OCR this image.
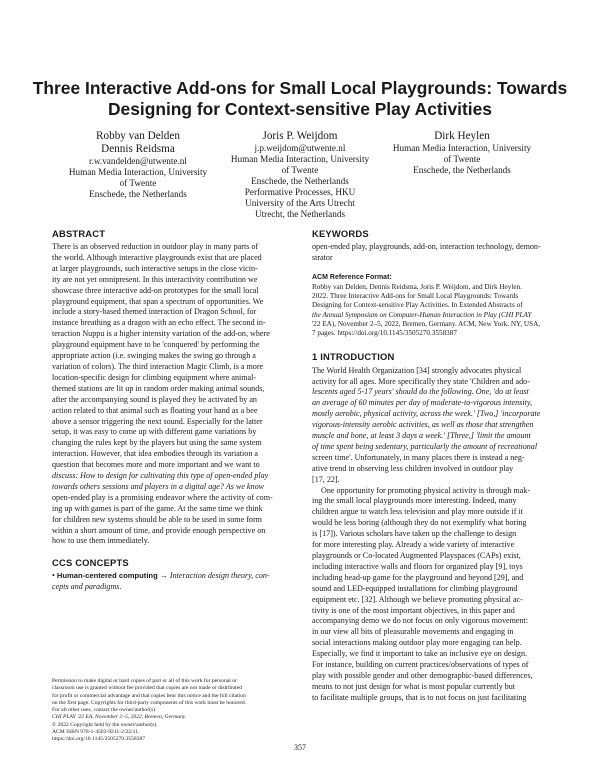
Three Interactive Add-ons for Small Local Playgrounds: Towards
Designing for Context-sensitive Play Activities
Robby van Delden
Dennis Reidsma
r.w.vandelden@utwente.nl
Human Media Interaction, University
of Twente
Enschede, the Netherlands
Joris P. Weijdom
j.p.weijdom@utwente.nl
Human Media Interaction, University
of Twente
Enschede, the Netherlands
Performative Processes, HKU
University of the Arts Utrecht
Utrecht, the Netherlands
Dirk Heylen
Human Media Interaction, University
of Twente
Enschede, the Netherlands
ABSTRACT
There is an observed reduction in outdoor play in many parts of
the world. Although interactive playgrounds exist that are placed
at larger playgrounds, such interactive setups in the close vicin-
ity are not yet omnipresent. In this interactivity contribution we
showcase three interactive add-on prototypes for the small local
playground equipment, that span a spectrum of opportunities. We
include a story-based themed interaction of Dragon School, for
instance breathing as a dragon with an echo effect. The second in-
teraction Nuppu is a higher intensity variation of the add-on, where
playground equipment have to be 'conquered' by performing the
appropriate action (i.e. swinging makes the swing go through a
variation of colors). The third interaction Magic Climb, is a more
location-specific design for climbing equipment where animal-
themed stations are lit up in random order making animal sounds,
after the accompanying sound is played they be activated by an
action related to that animal such as floating your hand as a bee
above a sensor triggering the next sound. Especially for the latter
setup, it was easy to come up with different game variations by
changing the rules kept by the players but using the same system
interaction. However, that idea embodies through its variation a
question that becomes more and more important and we want to
discuss: How to design for cultivating this type of open-ended play
towards others sessions and players in a digital age? As we know
open-ended play is a promising endeavor where the activity of com-
ing up with games is part of the game. At the same time we think
for children new systems should be able to be used in some form
within a short amount of time, and provide enough perspective on
how to use them immediately.
CCS CONCEPTS
• Human-centered computing → Interaction design theory, con-
cepts and paradigms.
Permission to make digital or hard copies of part or all of this work for personal or
classroom use is granted without fee provided that copies are not made or distributed
for profit or commercial advantage and that copies bear this notice and the full citation
on the first page. Copyrights for third-party components of this work must be honored.
For all other uses, contact the owner/author(s).
CHI PLAY '22 EA, November 2–5, 2022, Bremen, Germany
© 2022 Copyright held by the owner/author(s).
ACM ISBN 978-1-4503-9211-2/22/11.
https://doi.org/10.1145/3505270.3558387
KEYWORDS
open-ended play, playgrounds, add-on, interaction technology, demon-
strator
ACM Reference Format:
Robby van Delden, Dennis Reidsma, Joris P. Weijdom, and Dirk Heylen.
2022. Three Interactive Add-ons for Small Local Playgrounds: Towards
Designing for Context-sensitive Play Activities. In Extended Abstracts of
the Annual Symposium on Computer-Human Interaction in Play (CHI PLAY
'22 EA), November 2–5, 2022, Bremen, Germany. ACM, New York, NY, USA,
7 pages. https://doi.org/10.1145/3505270.3558387
1 INTRODUCTION
The World Health Organization [34] strongly advocates physical
activity for all ages. More specifically they state 'Children and ado-
lescents aged 5-17 years' should do the following. One, 'do at least
an average of 60 minutes per day of moderate-to-vigorous intensity,
mostly aerobic, physical activity, across the week.' [Two,] 'incorporate
vigorous-intensity aerobic activities, as well as those that strengthen
muscle and bone, at least 3 days a week.' [Three,] 'limit the amount
of time spent being sedentary, particularly the amount of recreational
screen time'. Unfortunately, in many places there is instead a neg-
ative trend in observing less children involved in outdoor play
[17, 22].
One opportunity for promoting physical activity is through mak-
ing the small local playgrounds more interesting. Indeed, many
children argue to watch less television and play more outside if it
would be less boring (although they do not exemplify what boring
is [17]). Various scholars have taken up the challenge to design
for more interesting play. Already a wide variety of interactive
playgrounds or Co-located Augmented Playspaces (CAPs) exist,
including interactive walls and floors for organized play [9], toys
including head-up game for the playground and beyond [29], and
sound and LED-equipped installations for climbing playground
equipment etc. [32]. Although we believe promoting physical ac-
tivity is one of the most important objectives, in this paper and
accompanying demo we do not focus on only vigorous movement:
in our view all bits of pleasurable movements and engaging in
social interactions making outdoor play more engaging can help.
Especially, we find it important to take an inclusive eye on design.
For instance, building on current practices/observations of types of
play with possible gender and other demographic-based differences,
means to not just design for what is most popular currently but
to facilitate multiple groups, that is to not focus on just facilitating
357
